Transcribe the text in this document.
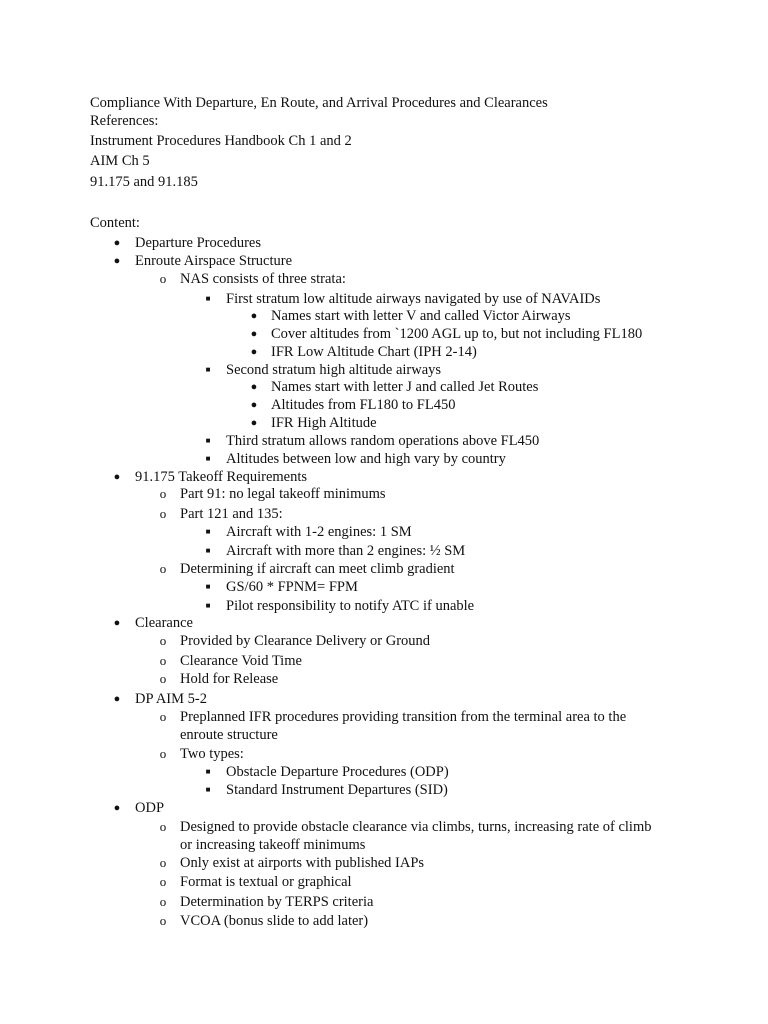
Compliance With Departure, En Route, and Arrival Procedures and Clearances
References:
Instrument Procedures Handbook Ch 1 and 2
AIM Ch 5
91.175 and 91.185
Content:
● Departure Procedures
● Enroute Airspace Structure
o NAS consists of three strata:
■	First stratum low altitude airways navigated by use of NAVAIDs
● Names start with letter V and called Victor Airways
● Cover altitudes from `1200 AGL up to, but not including FL180
● IFR Low Altitude Chart (IPH 2-14)
■	Second stratum high altitude airways
● Names start with letter J and called Jet Routes
● Altitudes from FL180 to FL450
● IFR High Altitude
■	Third stratum allows random operations above FL450
■	Altitudes between low and high vary by country
● 91.175 Takeoff Requirements
o Part 91: no legal takeoff minimums
o Part 121 and 135:
■	Aircraft with 1-2 engines: 1 SM
■	Aircraft with more than 2 engines: ½ SM
o Determining if aircraft can meet climb gradient
■	GS/60 * FPNM= FPM
■	Pilot responsibility to notify ATC if unable
● Clearance
o Provided by Clearance Delivery or Ground
o Clearance Void Time
o Hold for Release
● DP AIM 5-2
o Preplanned IFR procedures providing transition from the terminal area to the
enroute structure
o Two types:
■	Obstacle Departure Procedures (ODP)
■	Standard Instrument Departures (SID)
● ODP
o Designed to provide obstacle clearance via climbs, turns, increasing rate of climb
or increasing takeoff minimums
o Only exist at airports with published IAPs
o Format is textual or graphical
o Determination by TERPS criteria
o VCOA (bonus slide to add later)
